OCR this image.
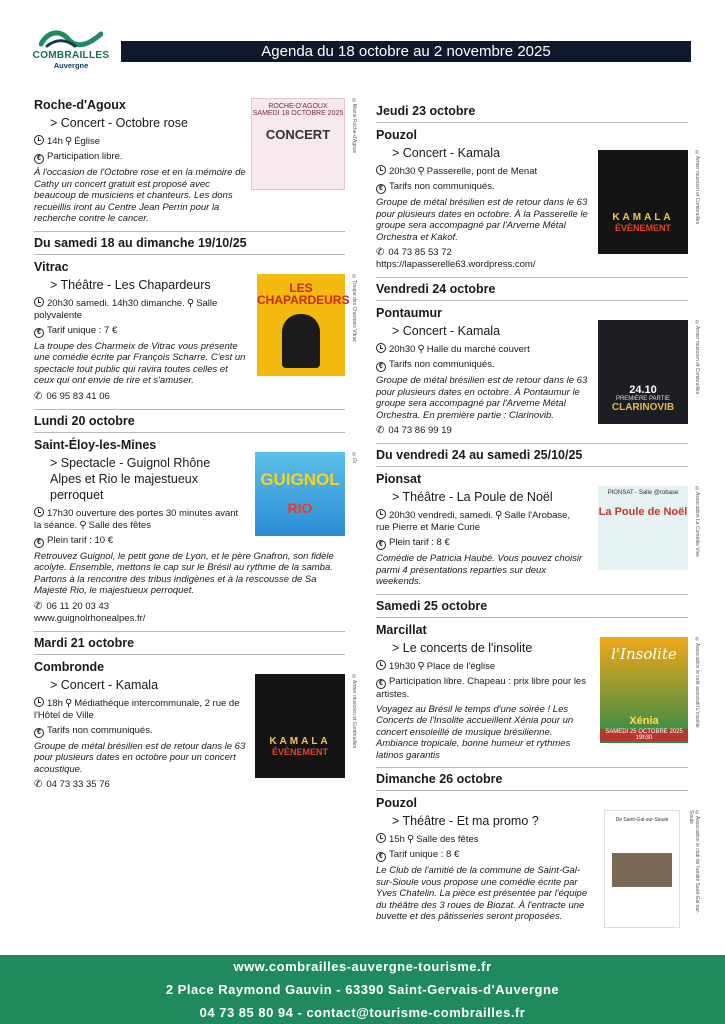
COMBRAILLES
Auvergne
Agenda du 18 octobre au 2 novembre 2025
ROCHE-D'AGOUX
SAMEDI 18 OCTOBRE 2025
CONCERT	©Mairie Roche-d'Agoux
Roche-d'Agoux
> Concert - Octobre rose
14h ⚲ Église
€ Participation libre.
À l'occasion de l'Octobre rose et en la mémoire de Cathy un concert gratuit est proposé avec beaucoup de musiciens et chanteurs. Les dons recueillis iront au Centre Jean Perrin pour la recherche contre le cancer.
Du samedi 18 au dimanche 19/10/25
LES CHAPARDEURS ©Troupe des Charmeix Vitrac
Vitrac
> Théâtre - Les Chapardeurs
20h30 samedi. 14h30 dimanche. ⚲ Salle polyvalente
€ Tarif unique : 7 €
La troupe des Charmeix de Vitrac vous présente une comédie écrite par François Scharre. C'est un spectacle tout public qui ravira toutes celles et ceux qui ont envie de rire et s'amuser.
✆ 06 95 83 41 06
Lundi 20 octobre
GUIGNOL
RIO
©Gr
Saint-Éloy-les-Mines
> Spectacle - Guignol Rhône Alpes et Rio le majestueux perroquet
17h30 ouverture des portes 30 minutes avant la séance. ⚲ Salle des fêtes
€ Plein tarif : 10 €
Retrouvez Guignol, le petit gone de Lyon, et le père Gnafron, son fidèle acolyte. Ensemble, mettons le cap sur le Brésil au rythme de la samba. Partons à la rencontre des tribus indigènes et à la rescousse de Sa Majesté Rio, le majestueux perroquet.
✆ 06 11 20 03 43
www.guignolrhonealpes.fr/
Mardi 21 octobre
KAMALA
ÉVÈNEMENT
©Armer musicien et Combrailles
Combronde
> Concert - Kamala
18h ⚲ Médiathèque intercommunale, 2 rue de l'Hôtel de Ville
€ Tarifs non communiqués.
Groupe de métal brésilien est de retour dans le 63 pour plusieurs dates en octobre pour un concert acoustique.
✆ 04 73 33 35 76
Jeudi 23 octobre
KAMALA
ÉVÈNEMENT
©Armer musicien et Combrailles
Pouzol
> Concert - Kamala
20h30 ⚲ Passerelle, pont de Menat
€ Tarifs non communiqués.
Groupe de métal brésilien est de retour dans le 63 pour plusieurs dates en octobre. À la Passerelle le groupe sera accompagné par l'Arverne Métal Orchestra et Kakof.
✆ 04 73 85 53 72
https://lapasserelle63.wordpress.com/
Vendredi 24 octobre
24.10
PREMIÈRE PARTIE
CLARINOVIB
©Armer musicien et Combrailles
Pontaumur
> Concert - Kamala
20h30 ⚲ Halle du marché couvert
€ Tarifs non communiqués.
Groupe de métal brésilien est de retour dans le 63 pour plusieurs dates en octobre. À Pontaumur le groupe sera accompagné par l'Arverne Métal Orchestra. En première partie : Clarinovib.
✆ 04 73 86 99 19
Du vendredi 24 au samedi 25/10/25
PIONSAT - Salle @robase
La Poule de Noël ©Association La Comédie Vive
Pionsat
> Théâtre - La Poule de Noël
20h30 vendredi, samedi. ⚲ Salle l'Arobase, rue Pierre et Marie Curie
€ Plein tarif : 8 €
Comédie de Patricia Haubé. Vous pouvez choisir parmi 4 présentations reparties sur deux weekends.
Samedi 25 octobre
l'Insolite
Xénia
SAMEDI 25 OCTOBRE 2025 19h30
©Association le café associatif L'insolite
Marcillat
> Le concerts de l'insolite
19h30 ⚲ Place de l'église
€ Participation libre. Chapeau : prix libre pour les artistes.
Voyagez au Brésil le temps d'une soirée ! Les Concerts de l'Insolite accueillent Xénia pour un concert ensoleillé de musique brésilienne. Ambiance tropicale, bonne humeur et rythmes latinos garantis
Dimanche 26 octobre
De Saint-Gal-sur-Sioule	©Association le club de l'amitié Saint-Gal-sur-Sioule
Pouzol
> Théâtre - Et ma promo ?
15h ⚲ Salle des fêtes
€ Tarif unique : 8 €
Le Club de l'amitié de la commune de Saint-Gal-sur-Sioule vous propose une comédie écrite par Yves Chatelin. La pièce est présentée par l'équipe du théâtre des 3 roues de Biozat. À l'entracte une buvette et des pâtisseries seront proposées.
www.combrailles-auvergne-tourisme.fr
2 Place Raymond Gauvin - 63390 Saint-Gervais-d'Auvergne
04 73 85 80 94 - contact@tourisme-combrailles.fr
